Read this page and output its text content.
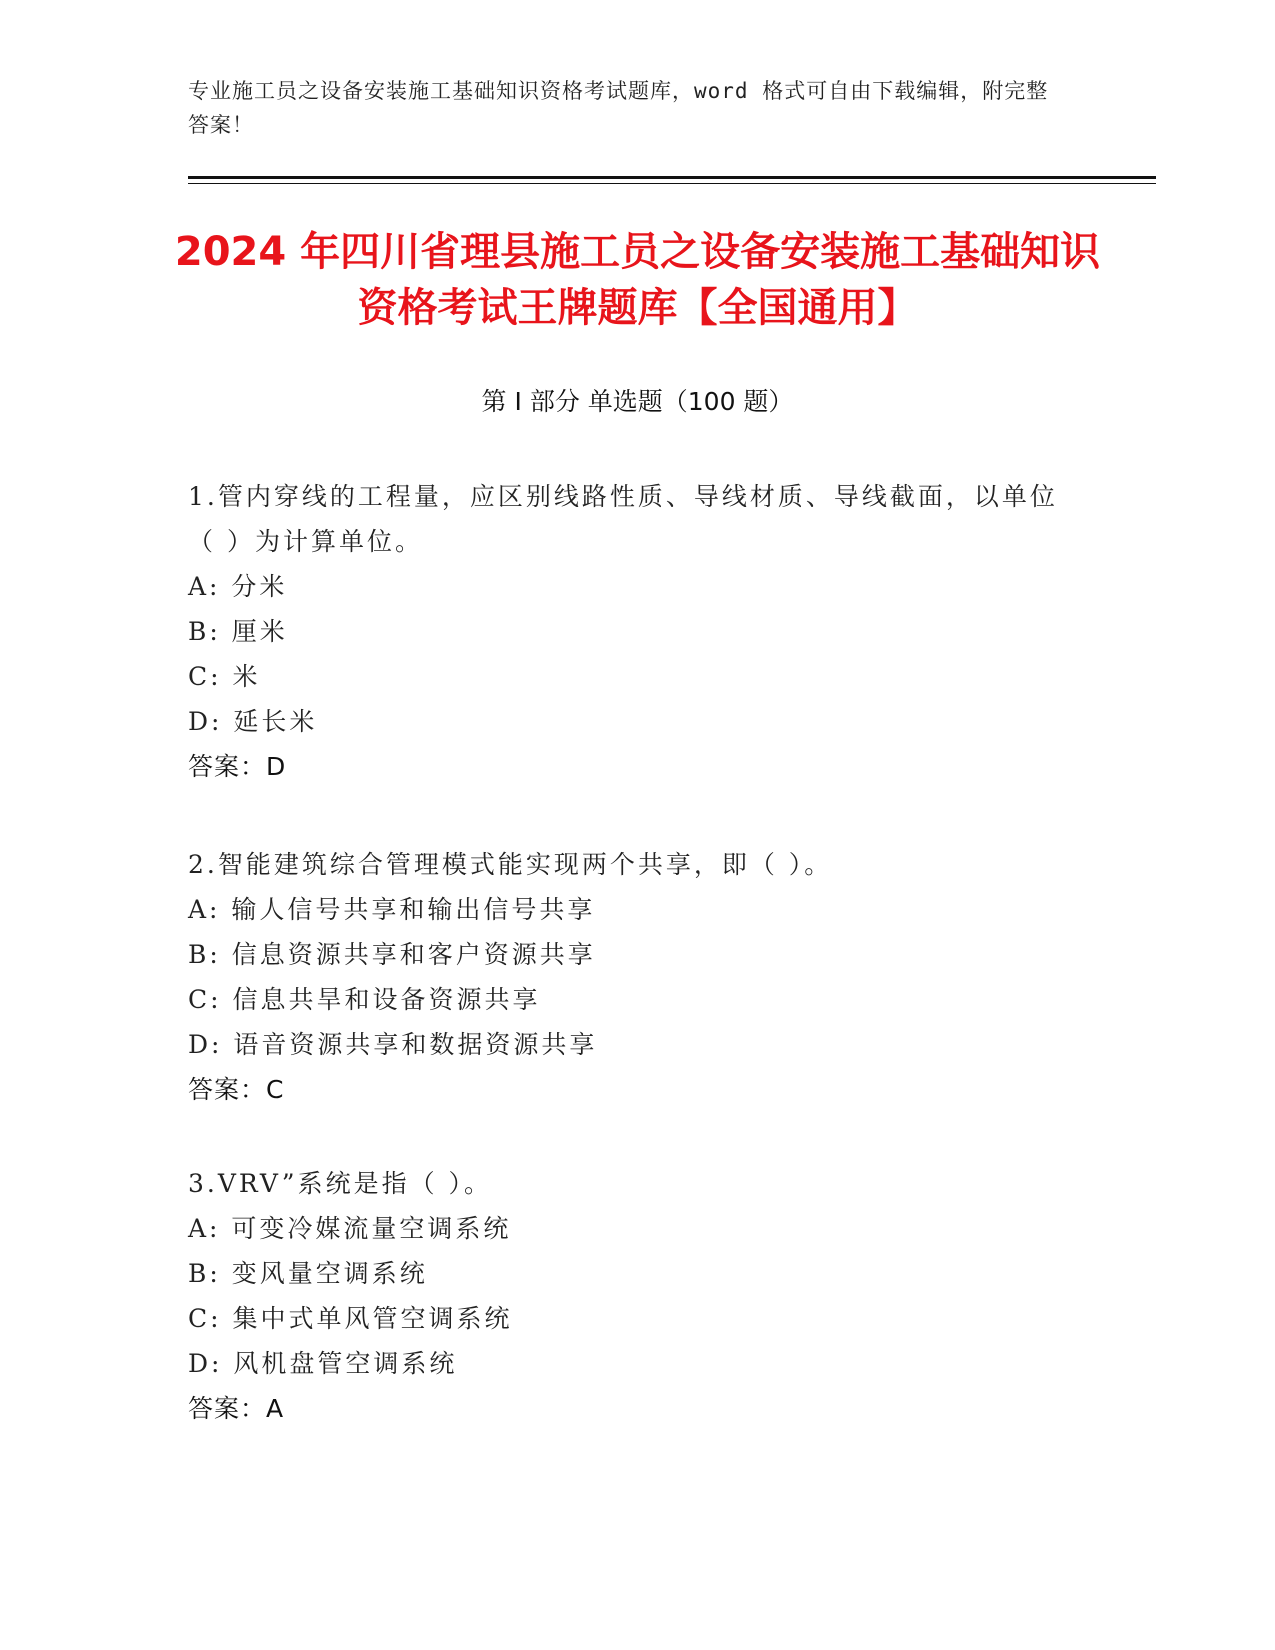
专业施工员之设备安装施工基础知识资格考试题库，word 格式可自由下载编辑，附完整答案！
2024 年四川省理县施工员之设备安装施工基础知识资格考试王牌题库【全国通用】
第 I 部分 单选题（100 题）
1.管内穿线的工程量，应区别线路性质、导线材质、导线截面，以单位（ ）为计算单位。
A: 分米
B: 厘米
C: 米
D: 延长米
答案：D
2.智能建筑综合管理模式能实现两个共享，即（ ）。
A: 输人信号共享和输出信号共享
B: 信息资源共享和客户资源共享
C: 信息共旱和设备资源共享
D: 语音资源共享和数据资源共享
答案：C
3.VRV”系统是指（ ）。
A: 可变冷媒流量空调系统
B: 变风量空调系统
C: 集中式单风管空调系统
D: 风机盘管空调系统
答案：A
